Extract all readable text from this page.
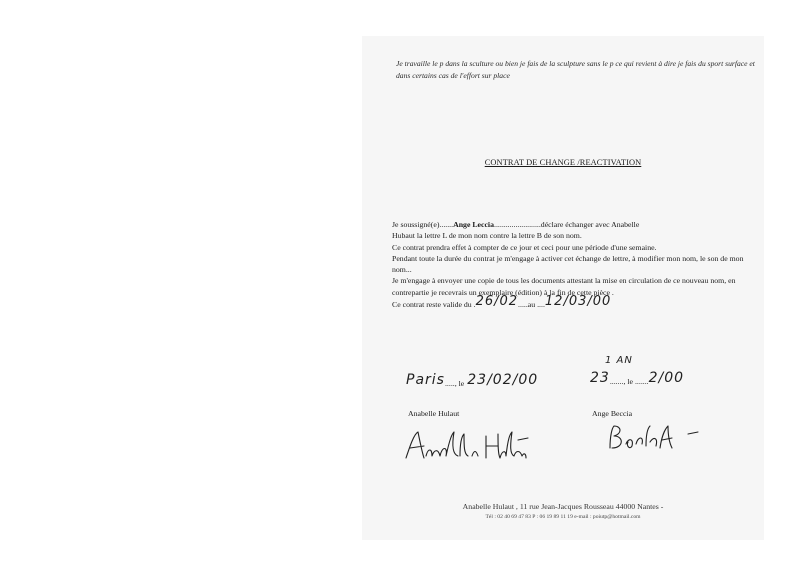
Je travaille le p dans la sculture ou bien je fais de la sculpture sans le p ce qui revient à dire je fais du sport surface et dans certains cas de l'effort sur place
CONTRAT DE CHANGE /REACTIVATION

Je soussigné(e).......Ange Leccia........................déclare échanger avec Anabelle

Hubaut la lettre L de mon nom contre la lettre B de son nom.

Ce contrat prendra effet à compter de ce jour et ceci pour une période d'une semaine.

Pendant toute la durée du contrat je m'engage à activer cet échange de lettre, à modifier mon nom, le son de mon nom...

Je m'engage à envoyer une copie de tous les documents attestant la mise en circulation de ce nouveau nom, en contrepartie je recevrais un exemplaire (édition) à la fin de cette pièce .

Ce contrat reste valide du . 26/02 ..... au .... 12/03/00
Paris ..... , le 23/02/00
Anabelle Hulaut
1 AN
23 ....... , le ....... 2/00
Ange Beccia
Anabelle Hulaut , 11 rue Jean-Jacques Rousseau 44000 Nantes -
Tél : 02 40 69 47 83 P : 06 19 89 11 19 e-mail : poiutp@hotmail.com
